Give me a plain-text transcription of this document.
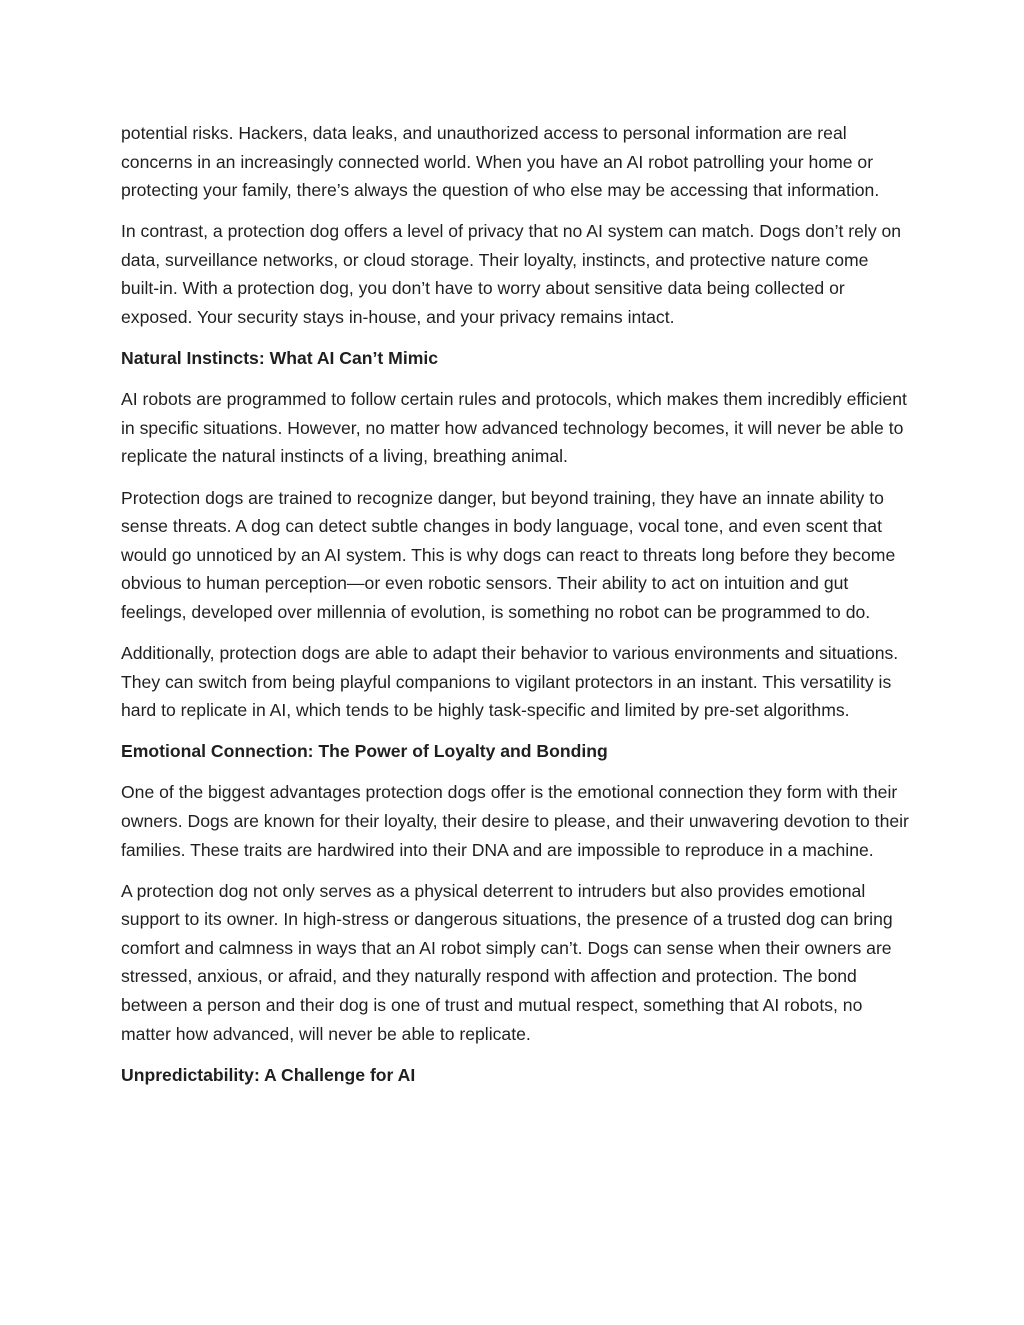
potential risks. Hackers, data leaks, and unauthorized access to personal information are real concerns in an increasingly connected world. When you have an AI robot patrolling your home or protecting your family, there’s always the question of who else may be accessing that information.

In contrast, a protection dog offers a level of privacy that no AI system can match. Dogs don’t rely on data, surveillance networks, or cloud storage. Their loyalty, instincts, and protective nature come built-in. With a protection dog, you don’t have to worry about sensitive data being collected or exposed. Your security stays in-house, and your privacy remains intact.

Natural Instincts: What AI Can’t Mimic

AI robots are programmed to follow certain rules and protocols, which makes them incredibly efficient in specific situations. However, no matter how advanced technology becomes, it will never be able to replicate the natural instincts of a living, breathing animal.

Protection dogs are trained to recognize danger, but beyond training, they have an innate ability to sense threats. A dog can detect subtle changes in body language, vocal tone, and even scent that would go unnoticed by an AI system. This is why dogs can react to threats long before they become obvious to human perception—or even robotic sensors. Their ability to act on intuition and gut feelings, developed over millennia of evolution, is something no robot can be programmed to do.

Additionally, protection dogs are able to adapt their behavior to various environments and situations. They can switch from being playful companions to vigilant protectors in an instant. This versatility is hard to replicate in AI, which tends to be highly task-specific and limited by pre-set algorithms.

Emotional Connection: The Power of Loyalty and Bonding

One of the biggest advantages protection dogs offer is the emotional connection they form with their owners. Dogs are known for their loyalty, their desire to please, and their unwavering devotion to their families. These traits are hardwired into their DNA and are impossible to reproduce in a machine.

A protection dog not only serves as a physical deterrent to intruders but also provides emotional support to its owner. In high-stress or dangerous situations, the presence of a trusted dog can bring comfort and calmness in ways that an AI robot simply can’t. Dogs can sense when their owners are stressed, anxious, or afraid, and they naturally respond with affection and protection. The bond between a person and their dog is one of trust and mutual respect, something that AI robots, no matter how advanced, will never be able to replicate.

Unpredictability: A Challenge for AI
